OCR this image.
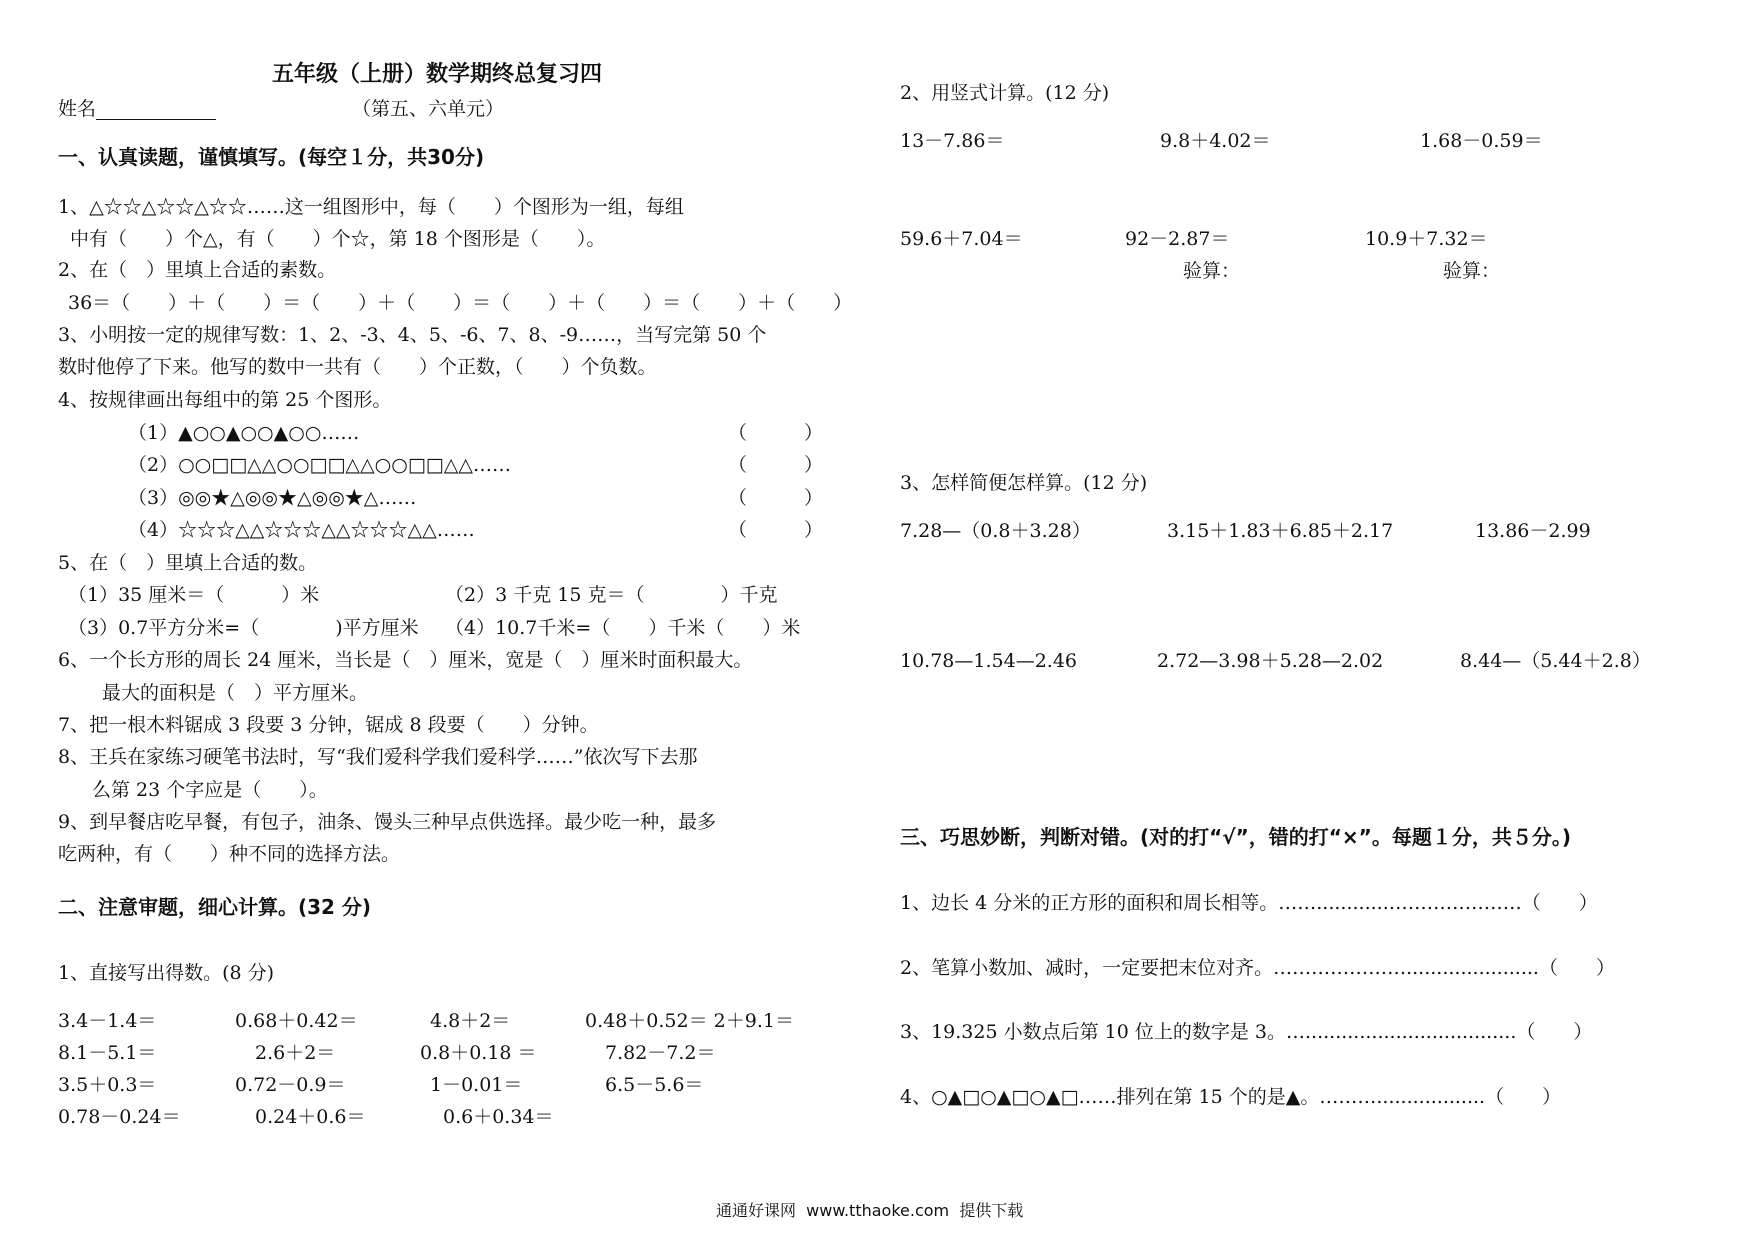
五年级（上册）数学期终总复习四
姓名	（第五、六单元）
一、认真读题，谨慎填写。(每空１分，共30分)
1、△☆☆△☆☆△☆☆……这一组图形中，每（　　）个图形为一组，每组
中有（　　）个△，有（　　）个☆，第 18 个图形是（　　）。
2、在（　）里填上合适的素数。
36＝（　　）＋（　　）＝（　　）＋（　　）＝（　　）＋（　　）＝（　　）＋（　　）
3、小明按一定的规律写数：1、2、-3、4、5、-6、7、8、-9……，当写完第 50 个
数时他停了下来。他写的数中一共有（　　）个正数，（　　）个负数。
4、按规律画出每组中的第 25 个图形。
（1）▲○○▲○○▲○○……	（　　　）
（2）○○□□△△○○□□△△○○□□△△……	（　　　）
（3）◎◎★△◎◎★△◎◎★△……	（　　　）
（4）☆☆☆△△☆☆☆△△☆☆☆△△……	（　　　）
5、在（　）里填上合适的数。
（1）35 厘米＝（　　　）米	（2）3 千克 15 克＝（　　　　）千克
（3）0.7平方分米=（　　　　)平方厘米 （4）10.7千米=（　　）千米（　　）米
6、一个长方形的周长 24 厘米，当长是（　）厘米，宽是（　）厘米时面积最大。
最大的面积是（　）平方厘米。
7、把一根木料锯成 3 段要 3 分钟，锯成 8 段要（　　）分钟。
8、王兵在家练习硬笔书法时，写“我们爱科学我们爱科学……”依次写下去那
么第 23 个字应是（　　）。
9、到早餐店吃早餐，有包子，油条、馒头三种早点供选择。最少吃一种，最多
吃两种，有（　　）种不同的选择方法。
二、注意审题，细心计算。(32 分)
1、直接写出得数。(8 分)
3.4－1.4＝	0.68＋0.42＝	4.8＋2＝	0.48＋0.52＝ 2＋9.1＝
8.1－5.1＝	2.6＋2＝	0.8＋0.18 ＝	7.82－7.2＝
3.5＋0.3＝	0.72－0.9＝	1－0.01＝	6.5－5.6＝
0.78－0.24＝	0.24＋0.6＝	0.6＋0.34＝
2、用竖式计算。(12 分)
13－7.86＝	9.8＋4.02＝	1.68－0.59＝
59.6＋7.04＝	92－2.87＝	10.9＋7.32＝
验算：	验算：
3、怎样简便怎样算。(12 分)
7.28—（0.8＋3.28）	3.15＋1.83＋6.85＋2.17	13.86－2.99
10.78—1.54—2.46	2.72—3.98＋5.28—2.02	8.44—（5.44＋2.8）
三、巧思妙断，判断对错。(对的打“√”，错的打“×”。每题１分，共５分。)
1、边长 4 分米的正方形的面积和周长相等。……............…………………（　　）
2、笔算小数加、减时，一定要把末位对齐。…………………......................（　　）
3、19.325 小数点后第 10 位上的数字是 3。…...................................（　　）
4、○▲□○▲□○▲□……排列在第 15 个的是▲。………..................（　　）
通通好课网  www.tthaoke.com  提供下载
